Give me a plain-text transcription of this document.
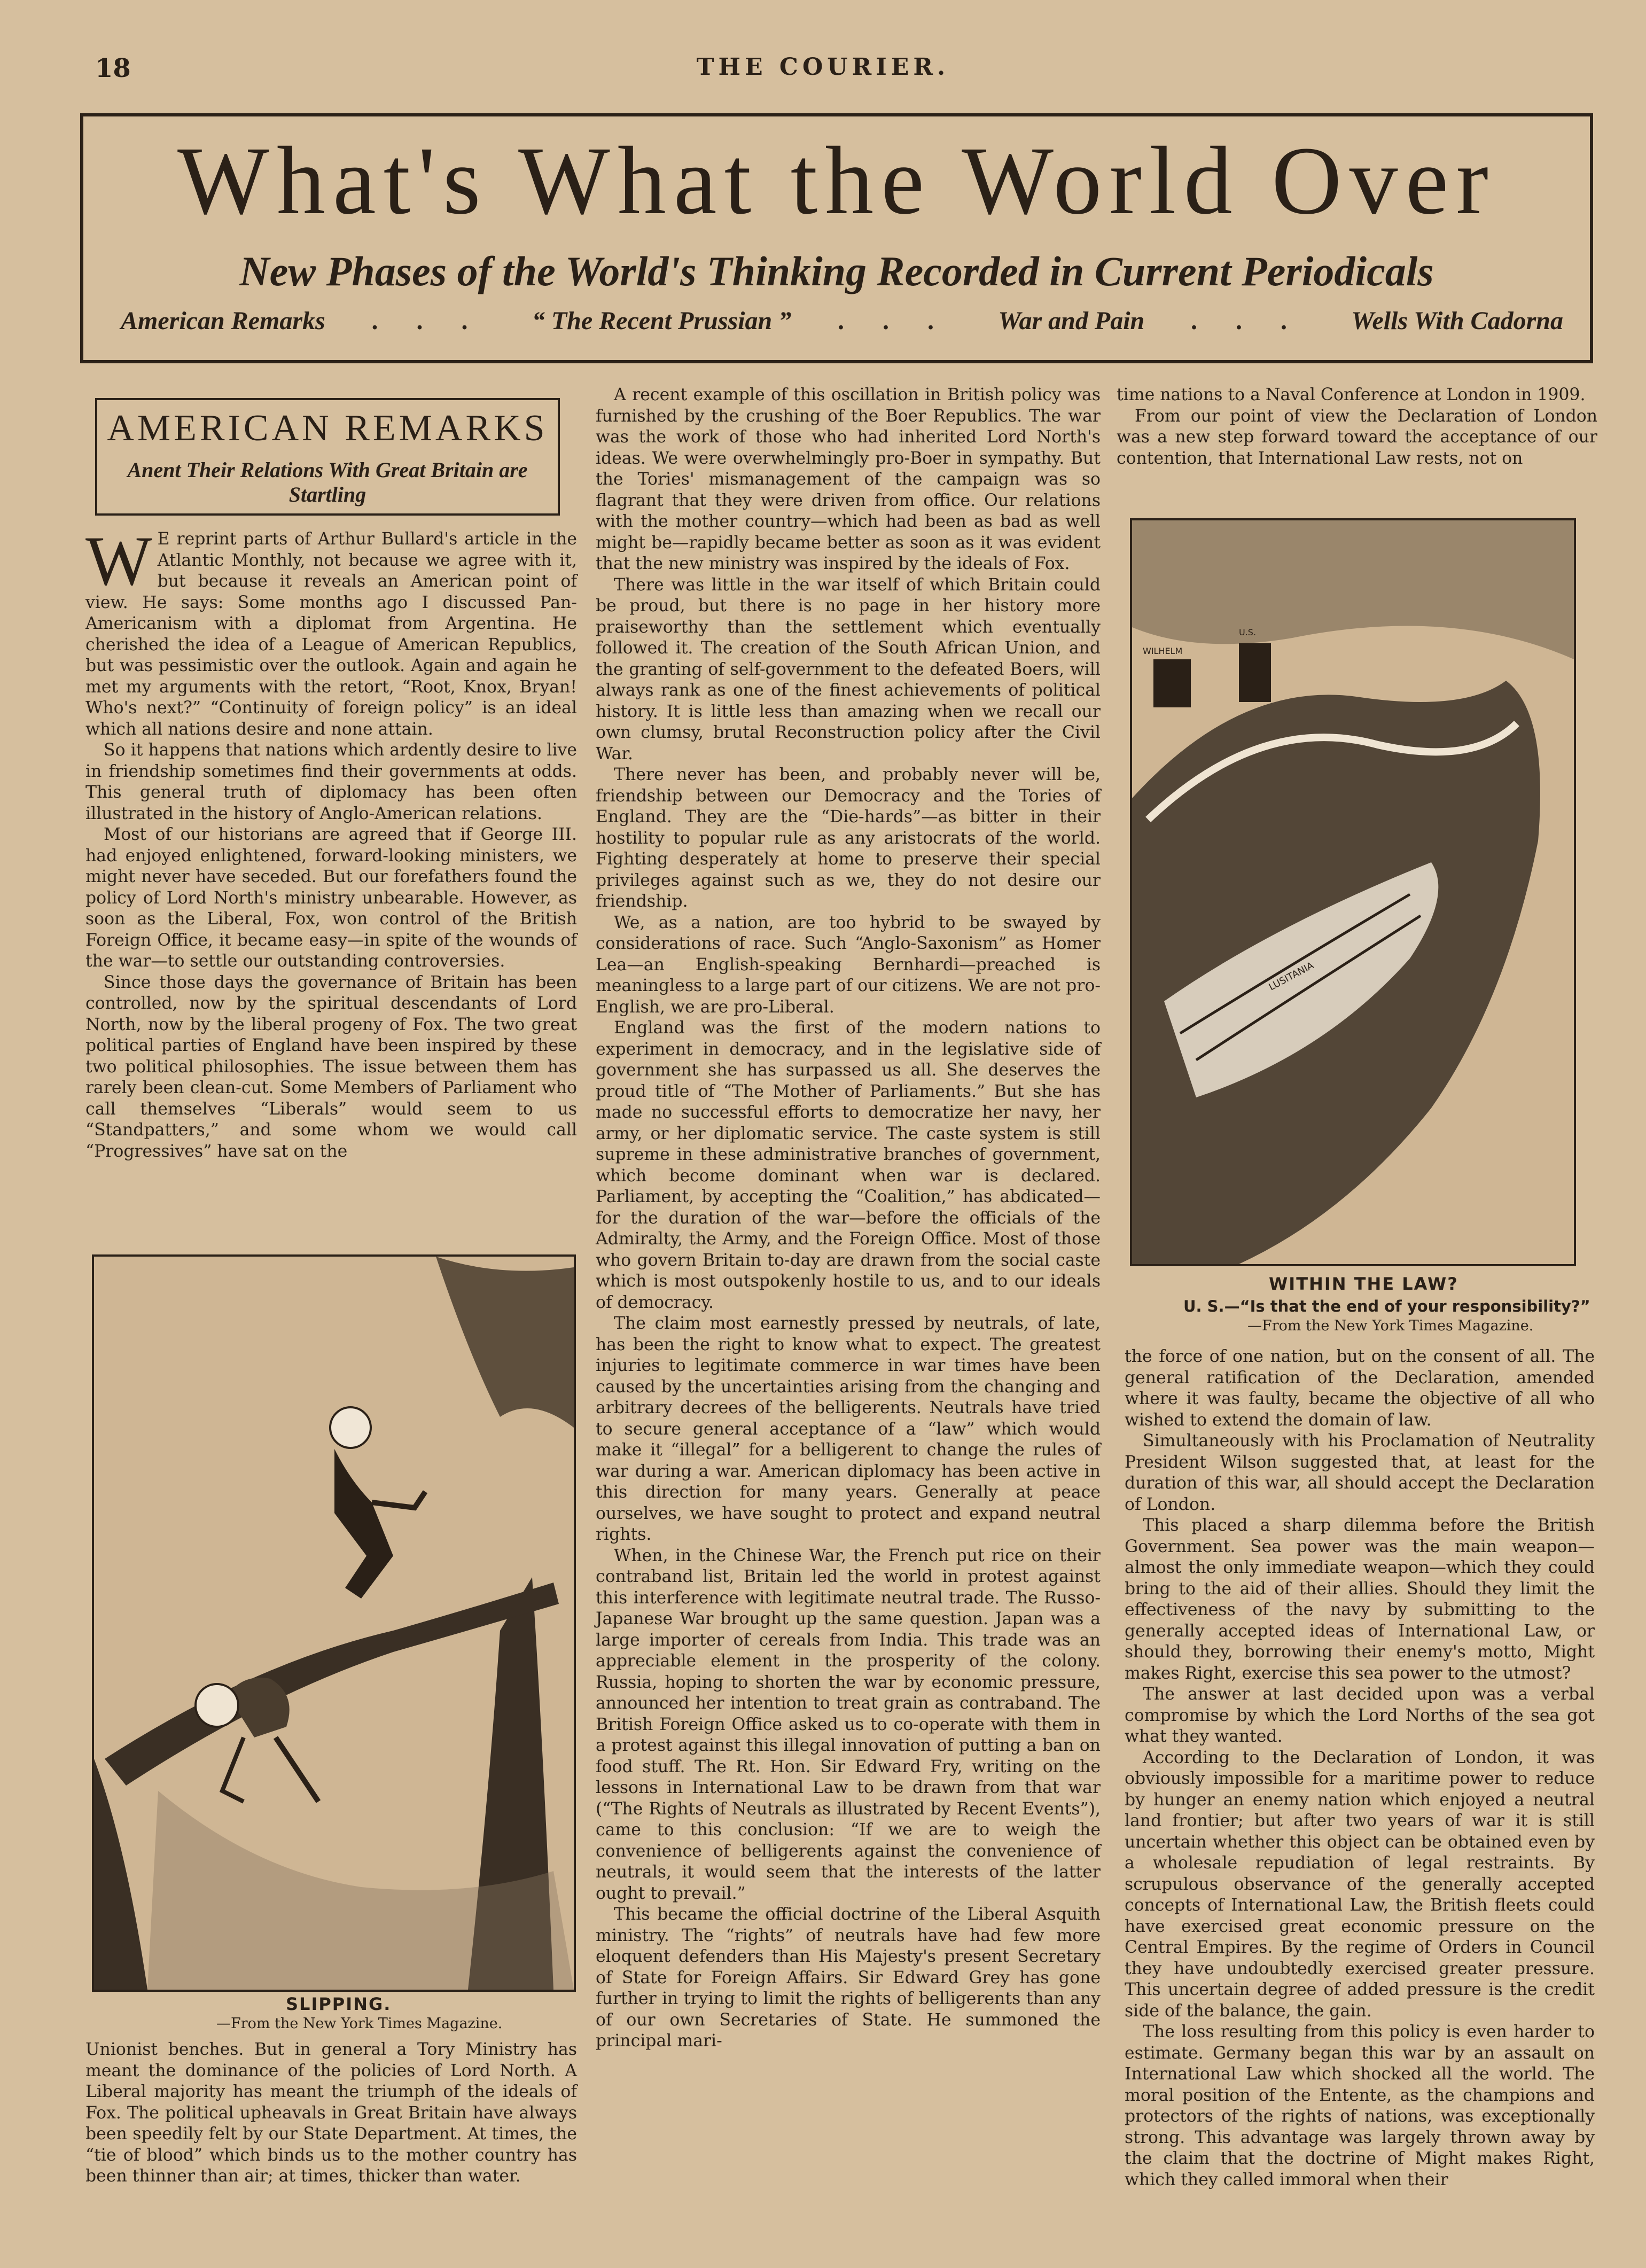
18	THE COURIER.
What's What the World Over
New Phases of the World's Thinking Recorded in Current Periodicals
American Remarks . . . “ The Recent Prussian ” . . . War and Pain . . . Wells With Cadorna
AMERICAN REMARKS
Anent Their Relations With Great Britain are Startling

W E reprint parts of Arthur Bullard's article in the Atlantic Monthly, not because we agree with it, but because it reveals an American point of view. He says: Some months ago I discussed Pan-Americanism with a diplomat from Argentina. He cherished the idea of a League of American Republics, but was pessimistic over the outlook. Again and again he met my arguments with the retort, “Root, Knox, Bryan! Who's next?” “Continuity of foreign policy” is an ideal which all nations desire and none attain.

So it happens that nations which ardently desire to live in friendship sometimes find their governments at odds. This general truth of diplomacy has been often illustrated in the history of Anglo-American relations.

Most of our historians are agreed that if George III. had enjoyed enlightened, forward-looking ministers, we might never have seceded. But our forefathers found the policy of Lord North's ministry unbearable. However, as soon as the Liberal, Fox, won control of the British Foreign Office, it became easy—in spite of the wounds of the war—to settle our outstanding controversies.

Since those days the governance of Britain has been controlled, now by the spiritual descendants of Lord North, now by the liberal progeny of Fox. The two great political parties of England have been inspired by these two political philosophies. The issue between them has rarely been clean-cut. Some Members of Parliament who call themselves “Liberals” would seem to us “Standpatters,” and some whom we would call “Progressives” have sat on the

SLIPPING.
—From the New York Times Magazine.

Unionist benches. But in general a Tory Ministry has meant the dominance of the policies of Lord North. A Liberal majority has meant the triumph of the ideals of Fox. The political upheavals in Great Britain have always been speedily felt by our State Department. At times, the “tie of blood” which binds us to the mother country has been thinner than air; at times, thicker than water.

A recent example of this oscillation in British policy was furnished by the crushing of the Boer Republics. The war was the work of those who had inherited Lord North's ideas. We were overwhelmingly pro-Boer in sympathy. But the Tories' mismanagement of the campaign was so flagrant that they were driven from office. Our relations with the mother country—which had been as bad as well might be—rapidly became better as soon as it was evident that the new ministry was inspired by the ideals of Fox.

There was little in the war itself of which Britain could be proud, but there is no page in her history more praiseworthy than the settlement which eventually followed it. The creation of the South African Union, and the granting of self-government to the defeated Boers, will always rank as one of the finest achievements of political history. It is little less than amazing when we recall our own clumsy, brutal Reconstruction policy after the Civil War.

There never has been, and probably never will be, friendship between our Democracy and the Tories of England. They are the “Die-hards”—as bitter in their hostility to popular rule as any aristocrats of the world. Fighting desperately at home to preserve their special privileges against such as we, they do not desire our friendship.

We, as a nation, are too hybrid to be swayed by considerations of race. Such “Anglo-Saxonism” as Homer Lea—an English-speaking Bernhardi—preached is meaningless to a large part of our citizens. We are not pro-English, we are pro-Liberal.

England was the first of the modern nations to experiment in democracy, and in the legislative side of government she has surpassed us all. She deserves the proud title of “The Mother of Parliaments.” But she has made no successful efforts to democratize her navy, her army, or her diplomatic service. The caste system is still supreme in these administrative branches of government, which become dominant when war is declared. Parliament, by accepting the “Coalition,” has abdicated—for the duration of the war—before the officials of the Admiralty, the Army, and the Foreign Office. Most of those who govern Britain to-day are drawn from the social caste which is most outspokenly hostile to us, and to our ideals of democracy.

The claim most earnestly pressed by neutrals, of late, has been the right to know what to expect. The greatest injuries to legitimate commerce in war times have been caused by the uncertainties arising from the changing and arbitrary decrees of the belligerents. Neutrals have tried to secure general acceptance of a “law” which would make it “illegal” for a belligerent to change the rules of war during a war. American diplomacy has been active in this direction for many years. Generally at peace ourselves, we have sought to protect and expand neutral rights.

When, in the Chinese War, the French put rice on their contraband list, Britain led the world in protest against this interference with legitimate neutral trade. The Russo-Japanese War brought up the same question. Japan was a large importer of cereals from India. This trade was an appreciable element in the prosperity of the colony. Russia, hoping to shorten the war by economic pressure, announced her intention to treat grain as contraband. The British Foreign Office asked us to co-operate with them in a protest against this illegal innovation of putting a ban on food stuff. The Rt. Hon. Sir Edward Fry, writing on the lessons in International Law to be drawn from that war (“The Rights of Neutrals as illustrated by Recent Events”), came to this conclusion: “If we are to weigh the convenience of belligerents against the convenience of neutrals, it would seem that the interests of the latter ought to prevail.”

This became the official doctrine of the Liberal Asquith ministry. The “rights” of neutrals have had few more eloquent defenders than His Majesty's present Secretary of State for Foreign Affairs. Sir Edward Grey has gone further in trying to limit the rights of belligerents than any of our own Secretaries of State. He summoned the principal mari-

time nations to a Naval Conference at London in 1909.

From our point of view the Declaration of London was a new step forward toward the acceptance of our contention, that International Law rests, not on

WILHELM
U.S.
LUSITANIA
WITHIN THE LAW?
U. S.—“Is that the end of your responsibility?”
—From the New York Times Magazine.

the force of one nation, but on the consent of all. The general ratification of the Declaration, amended where it was faulty, became the objective of all who wished to extend the domain of law.

Simultaneously with his Proclamation of Neutrality President Wilson suggested that, at least for the duration of this war, all should accept the Declaration of London.

This placed a sharp dilemma before the British Government. Sea power was the main weapon—almost the only immediate weapon—which they could bring to the aid of their allies. Should they limit the effectiveness of the navy by submitting to the generally accepted ideas of International Law, or should they, borrowing their enemy's motto, Might makes Right, exercise this sea power to the utmost?

The answer at last decided upon was a verbal compromise by which the Lord Norths of the sea got what they wanted.

According to the Declaration of London, it was obviously impossible for a maritime power to reduce by hunger an enemy nation which enjoyed a neutral land frontier; but after two years of war it is still uncertain whether this object can be obtained even by a wholesale repudiation of legal restraints. By scrupulous observance of the generally accepted concepts of International Law, the British fleets could have exercised great economic pressure on the Central Empires. By the regime of Orders in Council they have undoubtedly exercised greater pressure. This uncertain degree of added pressure is the credit side of the balance, the gain.

The loss resulting from this policy is even harder to estimate. Germany began this war by an assault on International Law which shocked all the world. The moral position of the Entente, as the champions and protectors of the rights of nations, was exceptionally strong. This advantage was largely thrown away by the claim that the doctrine of Might makes Right, which they called immoral when their
